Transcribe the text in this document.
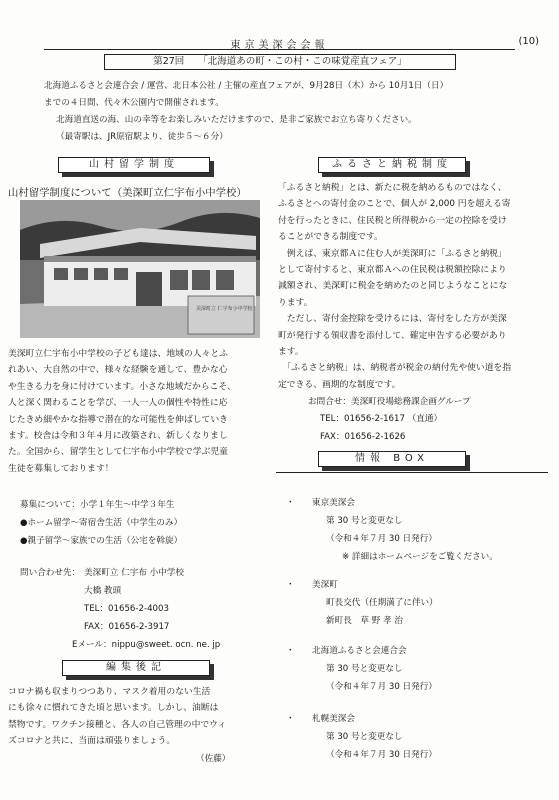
東京美深会会報	(10)
第27回 「北海道あの町・この村・この味覚産直フェア」
北海道ふるさと会連合会 / 運営、北日本公社 / 主催の産直フェアが、9月28日（木）から 10月1日（日）
までの４日間、代々木公園内で開催されます。
北海道直送の海、山の幸等をお楽しみいただけますので、是非ご家族でお立ち寄りください。
（最寄駅は、JR原宿駅より、徒歩５～６分）
山村留学制度
山村留学制度について（美深町立仁宇布小中学校）
美深町立 仁宇布小中学校
美深町立仁宇布小中学校の子ども達は、地域の人々とふ
れあい、大自然の中で、様々な経験を通して、豊かな心
や生きる力を身に付けています。小さな地域だからこそ、
人と深く関わることを学び、一人一人の個性や特性に応
じたきめ細やかな指導で潜在的な可能性を伸ばしていき
ます。校舎は令和３年４月に改築され、新しくなりまし
た。全国から、留学生として仁宇布小中学校で学ぶ児童
生徒を募集しております！
募集について：小学１年生～中学３年生
●ホーム留学～寄宿舎生活（中学生のみ）
●親子留学～家族での生活（公宅を斡旋）
問い合わせ先： 美深町立 仁宇布 小中学校
大橋 教頭
TEL：01656-2-4003
FAX：01656-2-3917
Eメール：nippu@sweet. ocn. ne. jp
編集後記
コロナ禍も収まりつつあり、マスク着用のない生活
にも徐々に慣れてきた頃と思います。しかし、油断は
禁物です。ワクチン接種と、各人の自己管理の中でウィ
ズコロナと共に、当面は頑張りましょう。
（佐藤）
ふるさと納税制度
「ふるさと納税」とは、新たに税を納めるものではなく、
ふるさとへの寄付金のことで、個人が 2,000 円を超える寄
付を行ったときに、住民税と所得税から一定の控除を受け
ることができる制度です。
　例えば、東京都Ａに住む人が美深町に「ふるさと納税」
として寄付すると、東京都Ａへの住民税は税額控除により
減額され、美深町に税金を納めたのと同じようなことにな
ります。
　ただし、寄付金控除を受けるには、寄付をした方が美深
町が発行する領収書を添付して、確定申告する必要があり
ます。
　「ふるさと納税」は、納税者が税金の納付先や使い道を指
定できる、画期的な制度です。
お問合せ：美深町役場総務課企画グループ
TEL：01656-2-1617 （直通）
FAX：01656-2-1626
情報 BOX
・ 東京美深会
第 30 号と変更なし
（令和４年７月 30 日発行）
※ 詳細はホームページをご覧ください。
・ 美深町
町長交代（任期満了に伴い）
新町長　草 野 孝 治
・ 北海道ふるさと会連合会
第 30 号と変更なし
（令和４年７月 30 日発行）
・ 札幌美深会
第 30 号と変更なし
（令和４年７月 30 日発行）
